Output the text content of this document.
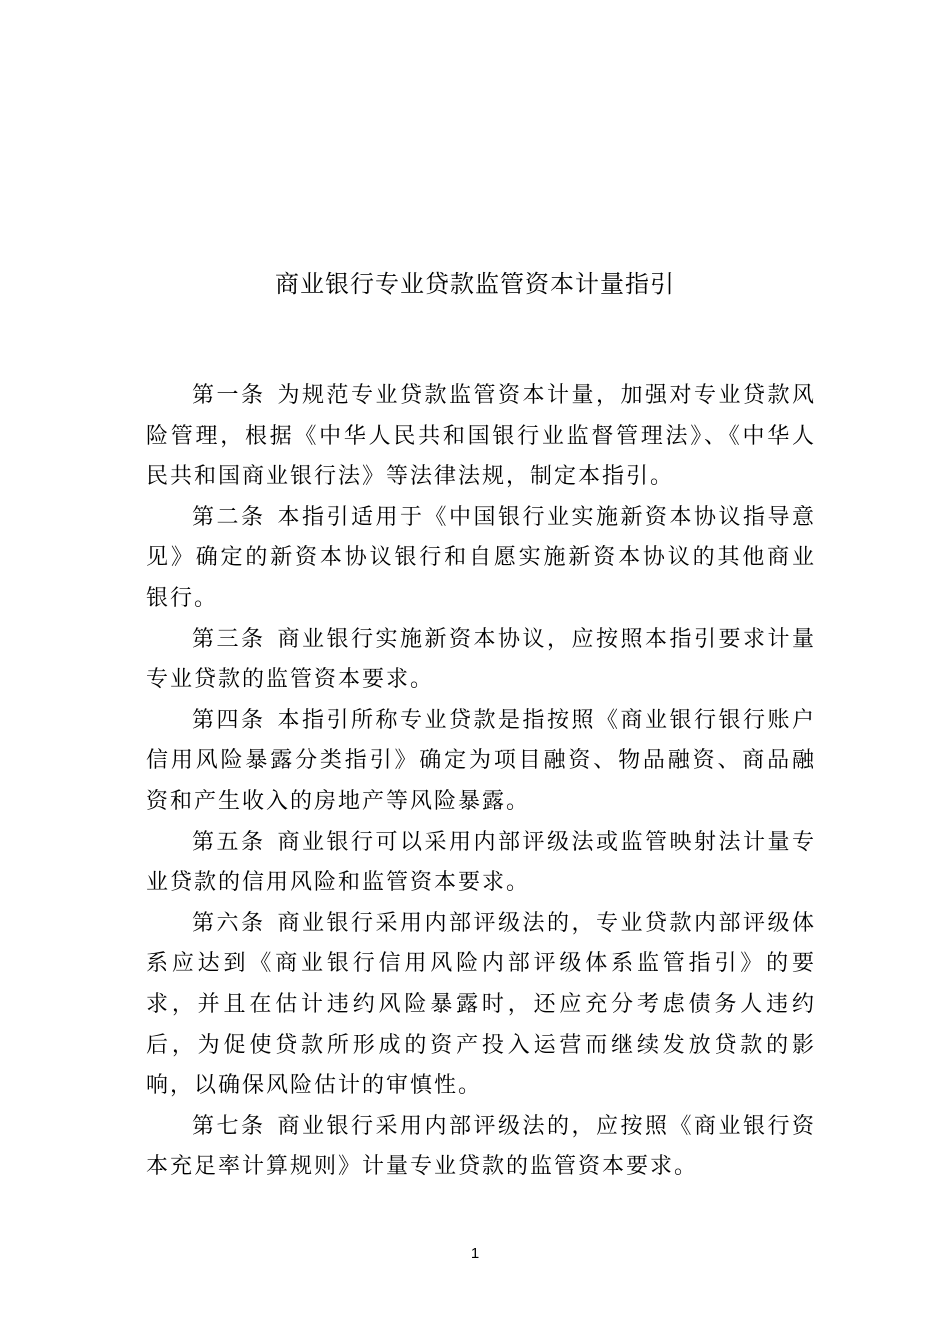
商业银行专业贷款监管资本计量指引

第一条 为规范专业贷款监管资本计量，加强对专业贷款风险管理，根据《中华人民共和国银行业监督管理法》、《中华人民共和国商业银行法》等法律法规，制定本指引。

第二条 本指引适用于《中国银行业实施新资本协议指导意见》确定的新资本协议银行和自愿实施新资本协议的其他商业银行。

第三条 商业银行实施新资本协议，应按照本指引要求计量专业贷款的监管资本要求。

第四条 本指引所称专业贷款是指按照《商业银行银行账户信用风险暴露分类指引》确定为项目融资、物品融资、商品融资和产生收入的房地产等风险暴露。

第五条 商业银行可以采用内部评级法或监管映射法计量专业贷款的信用风险和监管资本要求。

第六条 商业银行采用内部评级法的，专业贷款内部评级体系应达到《商业银行信用风险内部评级体系监管指引》的要求，并且在估计违约风险暴露时，还应充分考虑债务人违约后，为促使贷款所形成的资产投入运营而继续发放贷款的影响，以确保风险估计的审慎性。

第七条 商业银行采用内部评级法的，应按照《商业银行资本充足率计算规则》计量专业贷款的监管资本要求。

1
